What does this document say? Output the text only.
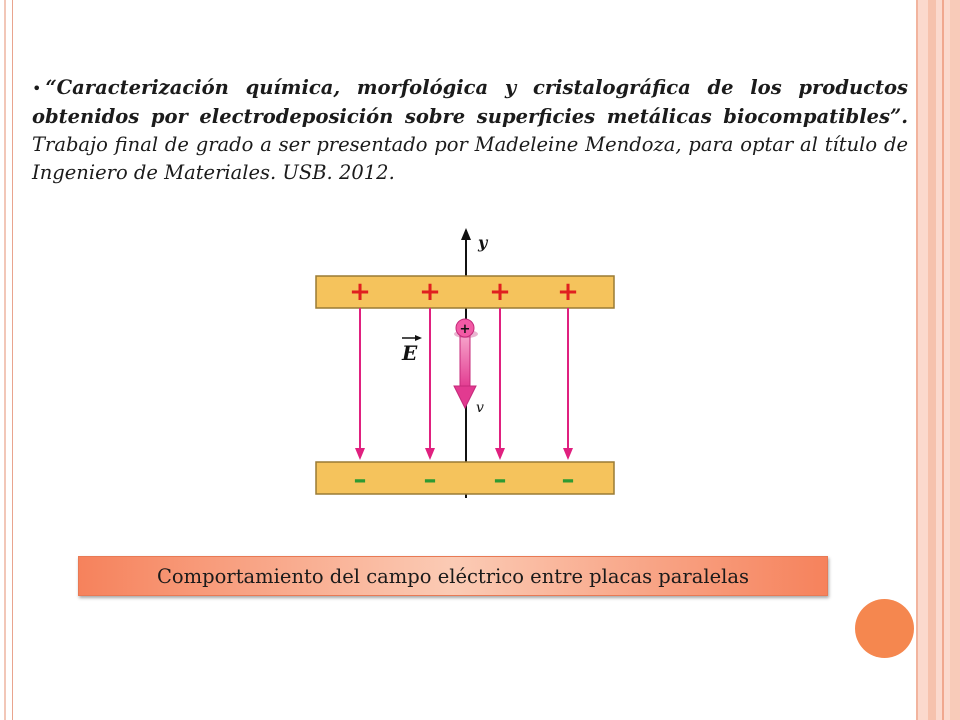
• “Caracterización química, morfológica y cristalográfica de los productos obtenidos por electrodeposición sobre superficies metálicas biocompatibles”. Trabajo final de grado a ser presentado por Madeleine Mendoza, para optar al título de Ingeniero de Materiales. USB. 2012.
y
+ + + +
– – – –
E
v
+
Comportamiento del campo eléctrico entre placas paralelas
